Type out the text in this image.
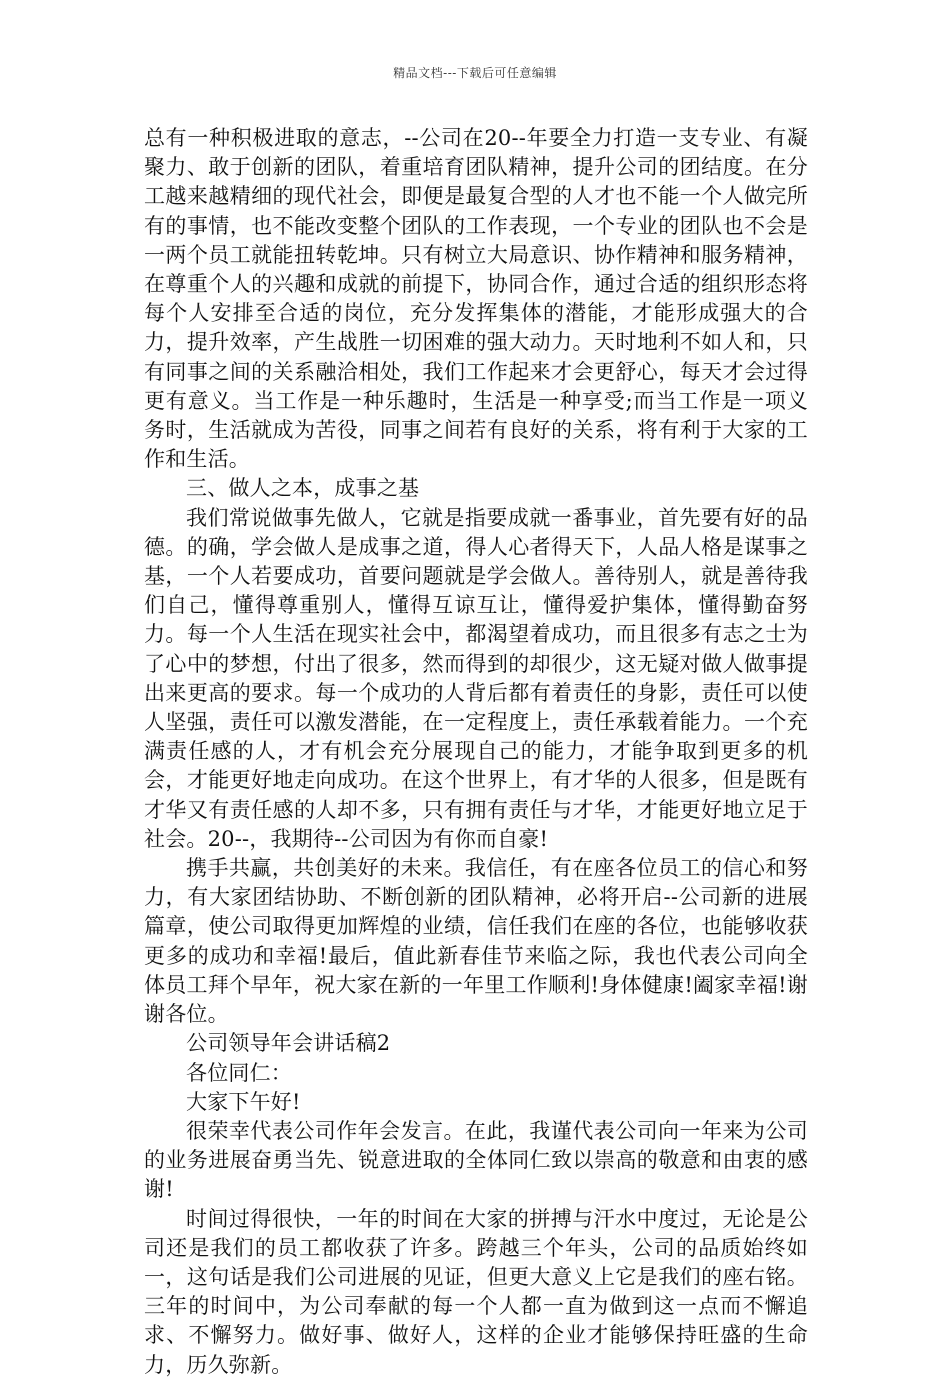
精品文档---下载后可任意编辑

总有一种积极进取的意志，--公司在20--年要全力打造一支专业、有凝聚力、敢于创新的团队，着重培育团队精神，提升公司的团结度。在分工越来越精细的现代社会，即便是最复合型的人才也不能一个人做完所有的事情，也不能改变整个团队的工作表现，一个专业的团队也不会是一两个员工就能扭转乾坤。只有树立大局意识、协作精神和服务精神，在尊重个人的兴趣和成就的前提下，协同合作，通过合适的组织形态将每个人安排至合适的岗位，充分发挥集体的潜能，才能形成强大的合力，提升效率，产生战胜一切困难的强大动力。天时地利不如人和，只有同事之间的关系融洽相处，我们工作起来才会更舒心，每天才会过得更有意义。当工作是一种乐趣时，生活是一种享受;而当工作是一项义务时，生活就成为苦役，同事之间若有良好的关系，将有利于大家的工作和生活。

三、做人之本，成事之基

我们常说做事先做人，它就是指要成就一番事业，首先要有好的品德。的确，学会做人是成事之道，得人心者得天下，人品人格是谋事之基，一个人若要成功，首要问题就是学会做人。善待别人，就是善待我们自己，懂得尊重别人，懂得互谅互让，懂得爱护集体，懂得勤奋努力。每一个人生活在现实社会中，都渴望着成功，而且很多有志之士为了心中的梦想，付出了很多，然而得到的却很少，这无疑对做人做事提出来更高的要求。每一个成功的人背后都有着责任的身影，责任可以使人坚强，责任可以激发潜能，在一定程度上，责任承载着能力。一个充满责任感的人，才有机会充分展现自己的能力，才能争取到更多的机会，才能更好地走向成功。在这个世界上，有才华的人很多，但是既有才华又有责任感的人却不多，只有拥有责任与才华，才能更好地立足于社会。20--，我期待--公司因为有你而自豪!

携手共赢，共创美好的未来。我信任，有在座各位员工的信心和努力，有大家团结协助、不断创新的团队精神，必将开启--公司新的进展篇章，使公司取得更加辉煌的业绩，信任我们在座的各位，也能够收获更多的成功和幸福!最后，值此新春佳节来临之际，我也代表公司向全体员工拜个早年，祝大家在新的一年里工作顺利!身体健康!阖家幸福!谢谢各位。

公司领导年会讲话稿2

各位同仁：

大家下午好!

很荣幸代表公司作年会发言。在此，我谨代表公司向一年来为公司的业务进展奋勇当先、锐意进取的全体同仁致以崇高的敬意和由衷的感谢!

时间过得很快，一年的时间在大家的拼搏与汗水中度过，无论是公司还是我们的员工都收获了许多。跨越三个年头，公司的品质始终如一，这句话是我们公司进展的见证，但更大意义上它是我们的座右铭。三年的时间中，为公司奉献的每一个人都一直为做到这一点而不懈追求、不懈努力。做好事、做好人，这样的企业才能够保持旺盛的生命力，历久弥新。
